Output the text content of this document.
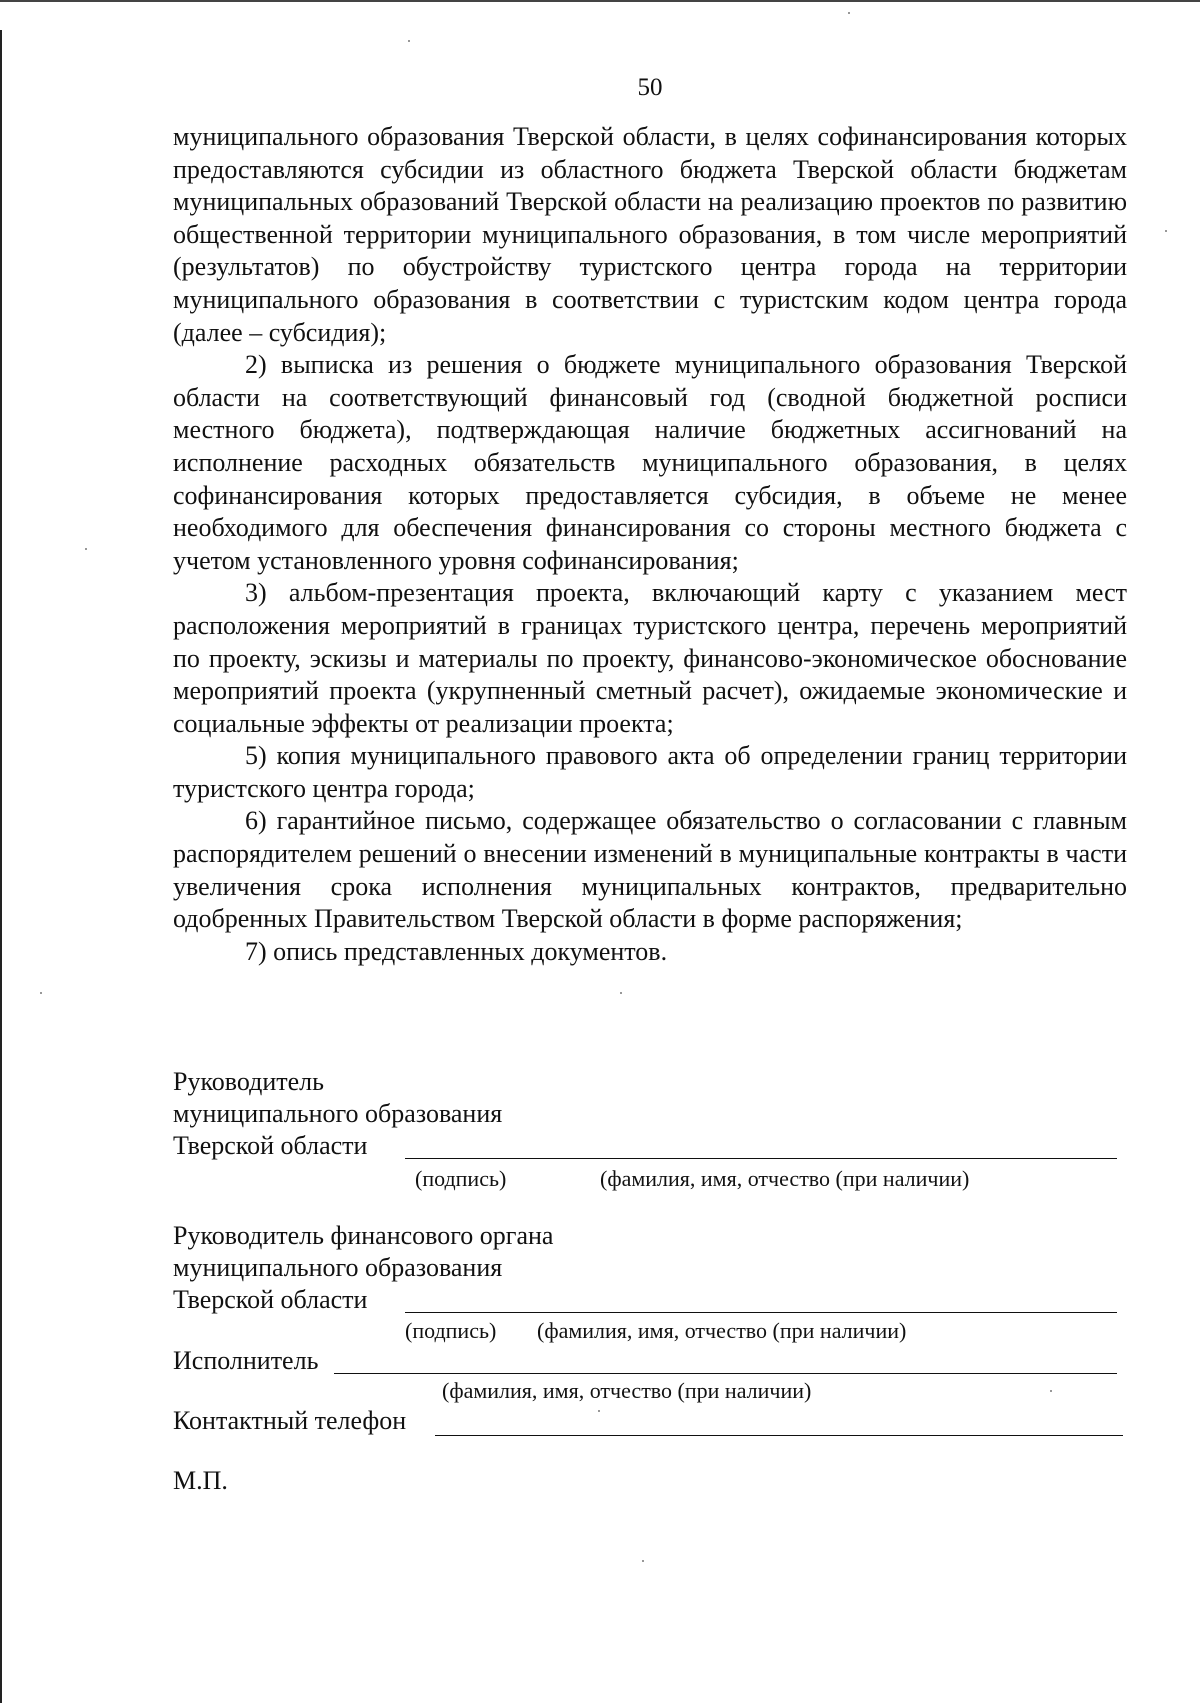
50

муниципального образования Тверской области, в целях софинансирования которых предоставляются субсидии из областного бюджета Тверской области бюджетам муниципальных образований Тверской области на реализацию проектов по развитию общественной территории муниципального образования, в том числе мероприятий (результатов) по обустройству туристского центра города на территории муниципального образования в соответствии с туристским кодом центра города (далее – субсидия);

2) выписка из решения о бюджете муниципального образования Тверской области на соответствующий финансовый год (сводной бюджетной росписи местного бюджета), подтверждающая наличие бюджетных ассигнований на исполнение расходных обязательств муниципального образования, в целях софинансирования которых предоставляется субсидия, в объеме не менее необходимого для обеспечения финансирования со стороны местного бюджета с учетом установленного уровня софинансирования;

3) альбом-презентация проекта, включающий карту с указанием мест расположения мероприятий в границах туристского центра, перечень мероприятий по проекту, эскизы и материалы по проекту, финансово-экономическое обоснование мероприятий проекта (укрупненный сметный расчет), ожидаемые экономические и социальные эффекты от реализации проекта;

5) копия муниципального правового акта об определении границ территории туристского центра города;

6) гарантийное письмо, содержащее обязательство о согласовании с главным распорядителем решений о внесении изменений в муниципальные контракты в части увеличения срока исполнения муниципальных контрактов, предварительно одобренных Правительством Тверской области в форме распоряжения;

7) опись представленных документов.

Руководитель
муниципального образования
Тверской области
(подпись)	(фамилия, имя, отчество (при наличии)
Руководитель финансового органа
муниципального образования
Тверской области
(подпись) (фамилия, имя, отчество (при наличии)
Исполнитель
(фамилия, имя, отчество (при наличии)
Контактный телефон
М.П.
